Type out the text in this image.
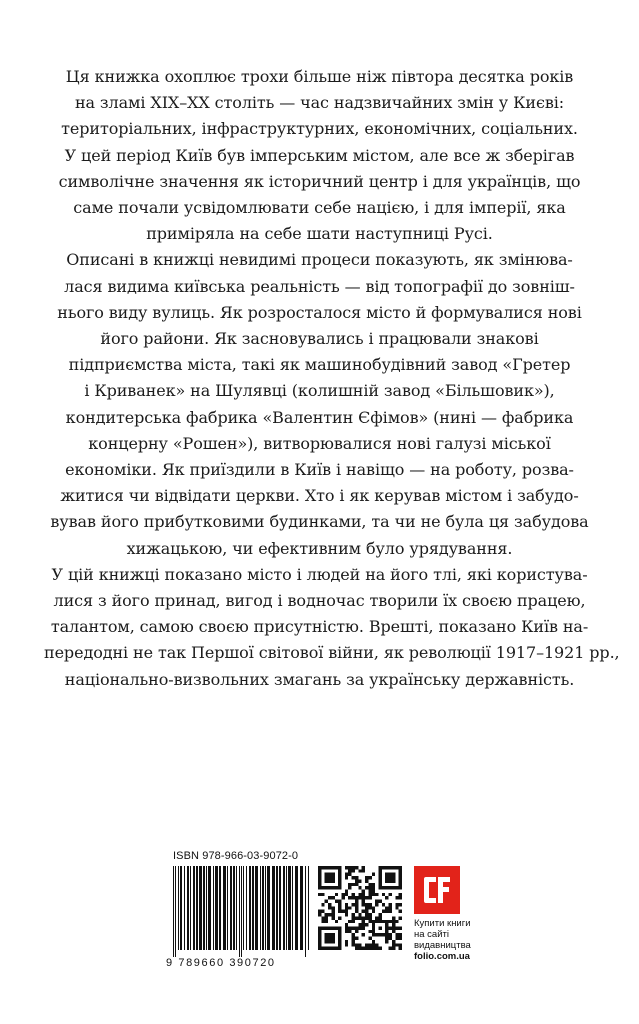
Ця книжка охоплює трохи більше ніж півтора десятка років
на зламі XIX–XX століть — час надзвичайних змін у Києві:
територіальних, інфраструктурних, економічних, соціальних.
У цей період Київ був імперським містом, але все ж зберігав
символічне значення як історичний центр і для українців, що
саме почали усвідомлювати себе нацією, і для імперії, яка
приміряла на себе шати наступниці Русі.
Описані в книжці невидимі процеси показують, як змінюва-
лася видима київська реальність — від топографії до зовніш-
нього виду вулиць. Як розросталося місто й формувалися нові
його райони. Як засновувались і працювали знакові
підприємства міста, такі як машинобудівний завод «Гретер
і Криванек» на Шулявці (колишній завод «Більшовик»),
кондитерська фабрика «Валентин Єфімов» (нині — фабрика
концерну «Рошен»), витворювалися нові галузі міської
економіки. Як приїздили в Київ і навіщо — на роботу, розва-
житися чи відвідати церкви. Хто і як керував містом і забудо-
вував його прибутковими будинками, та чи не була ця забудова
хижацькою, чи ефективним було урядування.
У цій книжці показано місто і людей на його тлі, які користува-
лися з його принад, вигод і водночас творили їх своєю працею,
талантом, самою своєю присутністю. Врешті, показано Київ на-
передодні не так Першої світової війни, як революції 1917–1921 рр.,
національно-визвольних змагань за українську державність.
ISBN 978-966-03-9072-0
9 789660 390720
Купити книги
на сайті
видавництва
folio.com.ua
